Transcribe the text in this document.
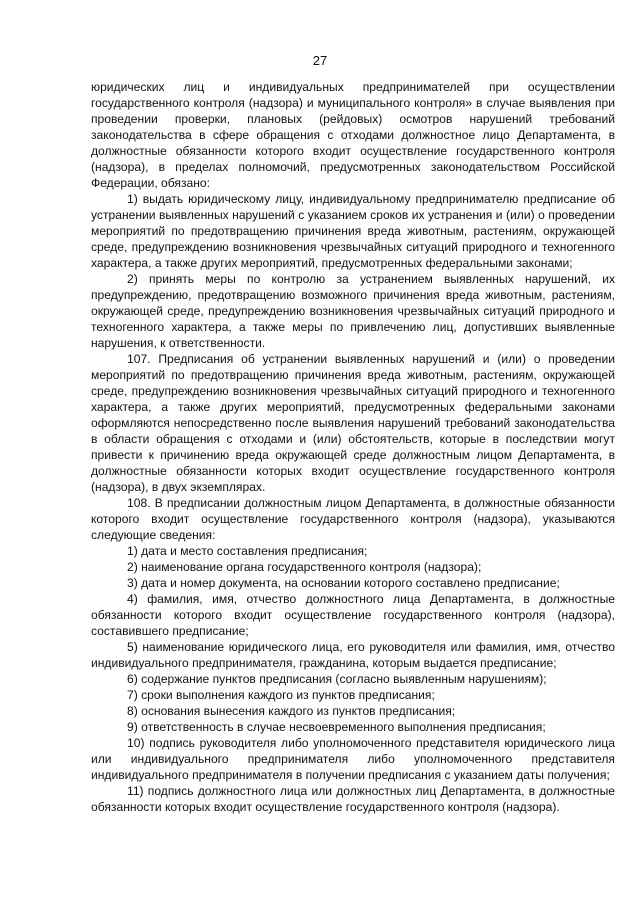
27

юридических лиц и индивидуальных предпринимателей при осуществлении государственного контроля (надзора) и муниципального контроля» в случае выявления при проведении проверки, плановых (рейдовых) осмотров нарушений требований законодательства в сфере обращения с отходами должностное лицо Департамента, в должностные обязанности которого входит осуществление государственного контроля (надзора), в пределах полномочий, предусмотренных законодательством Российской Федерации, обязано:

1) выдать юридическому лицу, индивидуальному предпринимателю предписание об устранении выявленных нарушений с указанием сроков их устранения и (или) о проведении мероприятий по предотвращению причинения вреда животным, растениям, окружающей среде, предупреждению возникновения чрезвычайных ситуаций природного и техногенного характера, а также других мероприятий, предусмотренных федеральными законами;

2) принять меры по контролю за устранением выявленных нарушений, их предупреждению, предотвращению возможного причинения вреда животным, растениям, окружающей среде, предупреждению возникновения чрезвычайных ситуаций природного и техногенного характера, а также меры по привлечению лиц, допустивших выявленные нарушения, к ответственности.

107. Предписания об устранении выявленных нарушений и (или) о проведении мероприятий по предотвращению причинения вреда животным, растениям, окружающей среде, предупреждению возникновения чрезвычайных ситуаций природного и техногенного характера, а также других мероприятий, предусмотренных федеральными законами оформляются непосредственно после выявления нарушений требований законодательства в области обращения с отходами и (или) обстоятельств, которые в последствии могут привести к причинению вреда окружающей среде должностным лицом Департамента, в должностные обязанности которых входит осуществление государственного контроля (надзора), в двух экземплярах.

108. В предписании должностным лицом Департамента, в должностные обязанности которого входит осуществление государственного контроля (надзора), указываются следующие сведения:

1) дата и место составления предписания;

2) наименование органа государственного контроля (надзора);

3) дата и номер документа, на основании которого составлено предписание;

4) фамилия, имя, отчество должностного лица Департамента, в должностные обязанности которого входит осуществление государственного контроля (надзора), составившего предписание;

5) наименование юридического лица, его руководителя или фамилия, имя, отчество индивидуального предпринимателя, гражданина, которым выдается предписание;

6) содержание пунктов предписания (согласно выявленным нарушениям);

7) сроки выполнения каждого из пунктов предписания;

8) основания вынесения каждого из пунктов предписания;

9) ответственность в случае несвоевременного выполнения предписания;

10) подпись руководителя либо уполномоченного представителя юридического лица или индивидуального предпринимателя либо уполномоченного представителя индивидуального предпринимателя в получении предписания с указанием даты получения;

11) подпись должностного лица или должностных лиц Департамента, в должностные обязанности которых входит осуществление государственного контроля (надзора).
